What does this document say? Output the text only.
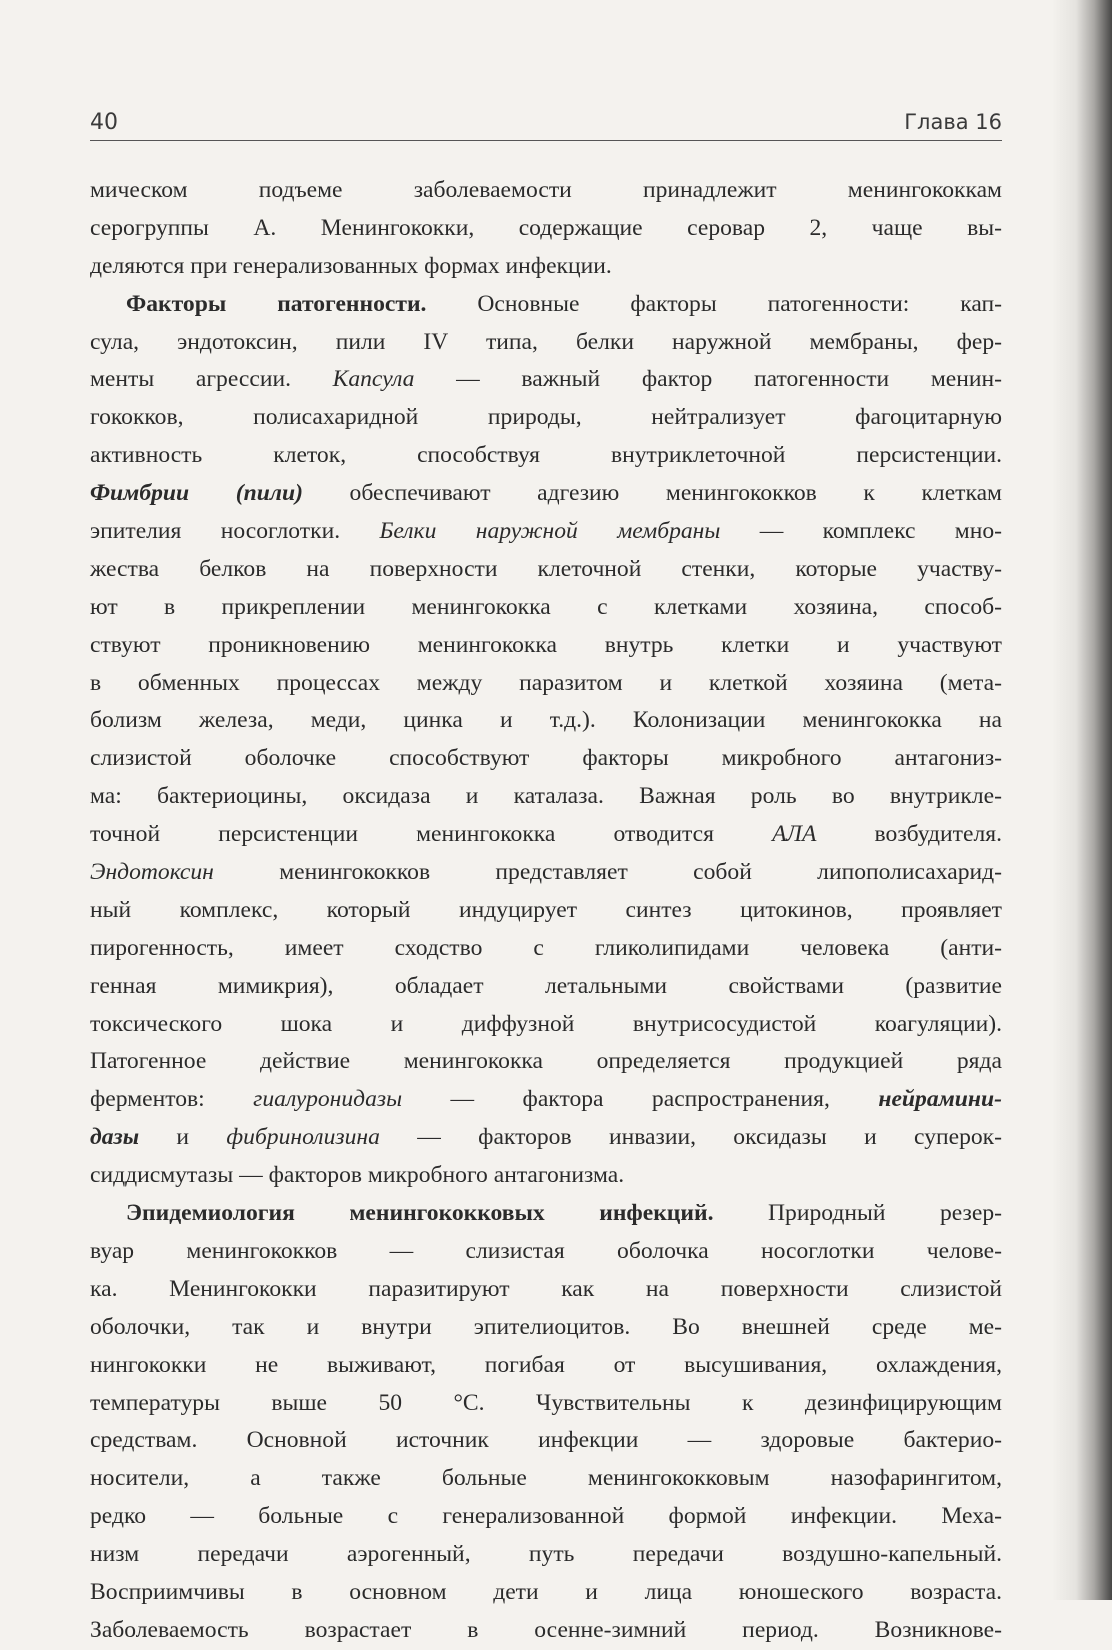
40	Глава 16
мическом подъеме заболеваемости принадлежит менингококкам
серогруппы А. Менингококки, содержащие серовар 2, чаще вы-
деляются при генерализованных формах инфекции.
Факторы патогенности. Основные факторы патогенности: кап-
сула, эндотоксин, пили IV типа, белки наружной мембраны, фер-
менты агрессии. Капсула — важный фактор патогенности менин-
гококков, полисахаридной природы, нейтрализует фагоцитарную
активность клеток, способствуя внутриклеточной персистенции.
Фимбрии (пили) обеспечивают адгезию менингококков к клеткам
эпителия носоглотки. Белки наружной мембраны — комплекс мно-
жества белков на поверхности клеточной стенки, которые участву-
ют в прикреплении менингококка с клетками хозяина, способ-
ствуют проникновению менингококка внутрь клетки и участвуют
в обменных процессах между паразитом и клеткой хозяина (мета-
болизм железа, меди, цинка и т.д.). Колонизации менингококка на
слизистой оболочке способствуют факторы микробного антагониз-
ма: бактериоцины, оксидаза и каталаза. Важная роль во внутрикле-
точной персистенции менингококка отводится АЛА возбудителя.
Эндотоксин менингококков представляет собой липополисахарид-
ный комплекс, который индуцирует синтез цитокинов, проявляет
пирогенность, имеет сходство с гликолипидами человека (анти-
генная мимикрия), обладает летальными свойствами (развитие
токсического шока и диффузной внутрисосудистой коагуляции).
Патогенное действие менингококка определяется продукцией ряда
ферментов: гиалуронидазы — фактора распространения, нейрамини-
дазы и фибринолизина — факторов инвазии, оксидазы и суперок-
сиддисмутазы — факторов микробного антагонизма.
Эпидемиология менингококковых инфекций. Природный резер-
вуар менингококков — слизистая оболочка носоглотки челове-
ка. Менингококки паразитируют как на поверхности слизистой
оболочки, так и внутри эпителиоцитов. Во внешней среде ме-
нингококки не выживают, погибая от высушивания, охлаждения,
температуры выше 50 °С. Чувствительны к дезинфицирующим
средствам. Основной источник инфекции — здоровые бактерио-
носители, а также больные менингококковым назофарингитом,
редко — больные с генерализованной формой инфекции. Меха-
низм передачи аэрогенный, путь передачи воздушно-капельный.
Восприимчивы в основном дети и лица юношеского возраста.
Заболеваемость возрастает в осенне-зимний период. Возникнове-
